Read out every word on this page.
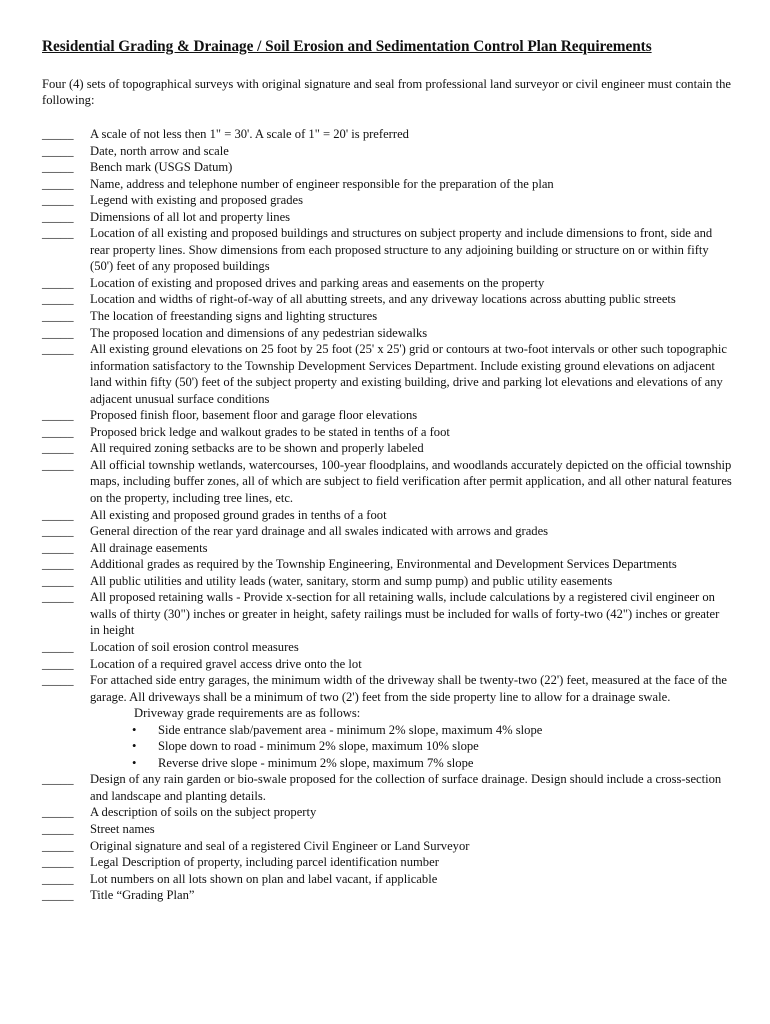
Residential Grading & Drainage / Soil Erosion and Sedimentation Control Plan Requirements
Four (4) sets of topographical surveys with original signature and seal from professional land surveyor or civil engineer must contain the following:
_____	A scale of not less then 1" = 30'. A scale of 1" = 20' is preferred
_____	Date, north arrow and scale
_____	Bench mark (USGS Datum)
_____	Name, address and telephone number of engineer responsible for the preparation of the plan
_____	Legend with existing and proposed grades
_____	Dimensions of all lot and property lines
_____	Location of all existing and proposed buildings and structures on subject property and include dimensions to front, side and rear property lines. Show dimensions from each proposed structure to any adjoining building or structure on or within fifty (50') feet of any proposed buildings
_____	Location of existing and proposed drives and parking areas and easements on the property
_____	Location and widths of right-of-way of all abutting streets, and any driveway locations across abutting public streets
_____	The location of freestanding signs and lighting structures
_____	The proposed location and dimensions of any pedestrian sidewalks
_____	All existing ground elevations on 25 foot by 25 foot (25' x 25') grid or contours at two-foot intervals or other such topographic information satisfactory to the Township Development Services Department. Include existing ground elevations on adjacent land within fifty (50') feet of the subject property and existing building, drive and parking lot elevations and elevations of any adjacent unusual surface conditions
_____	Proposed finish floor, basement floor and garage floor elevations
_____	Proposed brick ledge and walkout grades to be stated in tenths of a foot
_____	All required zoning setbacks are to be shown and properly labeled
_____	All official township wetlands, watercourses, 100-year floodplains, and woodlands accurately depicted on the official township maps, including buffer zones, all of which are subject to field verification after permit application, and all other natural features on the property, including tree lines, etc.
_____	All existing and proposed ground grades in tenths of a foot
_____	General direction of the rear yard drainage and all swales indicated with arrows and grades
_____	All drainage easements
_____	Additional grades as required by the Township Engineering, Environmental and Development Services Departments
_____	All public utilities and utility leads (water, sanitary, storm and sump pump) and public utility easements
_____	All proposed retaining walls - Provide x-section for all retaining walls, include calculations by a registered civil engineer on walls of thirty (30") inches or greater in height, safety railings must be included for walls of forty-two (42") inches or greater in height
_____	Location of soil erosion control measures
_____	Location of a required gravel access drive onto the lot
_____	For attached side entry garages, the minimum width of the driveway shall be twenty-two (22') feet, measured at the face of the garage. All driveways shall be a minimum of two (2') feet from the side property line to allow for a drainage swale.
Driveway grade requirements are as follows:
•	Side entrance slab/pavement area - minimum 2% slope, maximum 4% slope
•	Slope down to road - minimum 2% slope, maximum 10% slope
•	Reverse drive slope - minimum 2% slope, maximum 7% slope
_____	Design of any rain garden or bio-swale proposed for the collection of surface drainage. Design should include a cross-section and landscape and planting details.
_____	A description of soils on the subject property
_____	Street names
_____	Original signature and seal of a registered Civil Engineer or Land Surveyor
_____	Legal Description of property, including parcel identification number
_____	Lot numbers on all lots shown on plan and label vacant, if applicable
_____	Title “Grading Plan”
